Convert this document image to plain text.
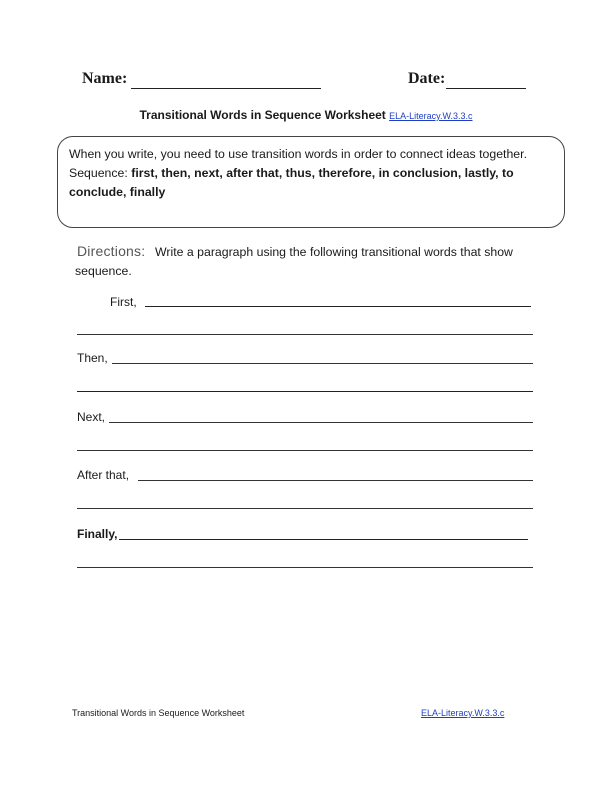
Name:	Date:
Transitional Words in Sequence Worksheet ELA-Literacy.W.3.3.c
When you write, you need to use transition words in order to connect ideas together.
Sequence: first, then, next, after that, thus, therefore, in conclusion, lastly, to conclude, finally
Directions: Write a paragraph using the following transitional words that show
sequence.
First,
Then,
Next,
After that,
Finally,
Transitional Words in Sequence Worksheet	ELA-Literacy.W.3.3.c
